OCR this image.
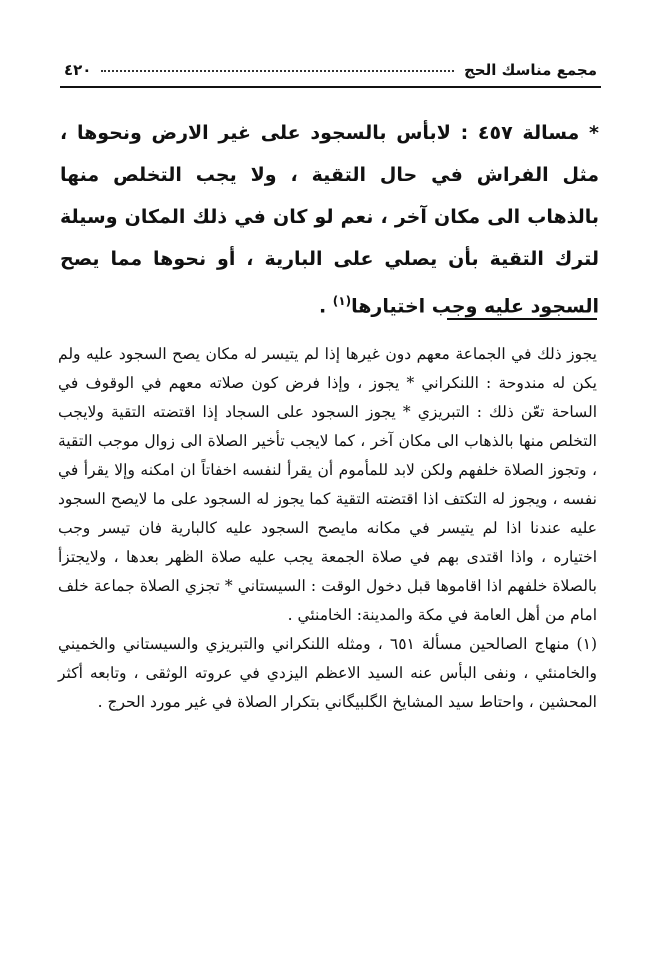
مجمع مناسك الحج
٤٢٠
* مسالة ٤٥٧ : لابأس بالسجود على غير الارض ونحوها ، مثل الفراش في حال التقية ، ولا يجب التخلص منها بالذهاب الى مكان آخر ، نعم لو كان في ذلك المكان وسيلة لترك التقية بأن يصلي على البارية ، أو نحوها مما يصح السجود عليه وجب اختيارها$^{(١)}$ .

يجوز ذلك في الجماعة معهم دون غيرها إذا لم يتيسر له مكان يصح السجود عليه ولم يكن له مندوحة : اللنكراني * يجوز ، وإذا فرض كون صلاته معهم في الوقوف في الساحة تعّن ذلك : التبريزي * يجوز السجود على السجاد إذا اقتضته التقية ولايجب التخلص منها بالذهاب الى مكان آخر ، كما لايجب تأخير الصلاة الى زوال موجب التقية ، وتجوز الصلاة خلفهم ولكن لابد للمأموم أن يقرأ لنفسه اخفاتاً ان امكنه وإلا يقرأ في نفسه ، ويجوز له التكتف اذا اقتضته التقية كما يجوز له السجود على ما لايصح السجود عليه عندنا اذا لم يتيسر في مكانه مايصح السجود عليه كالبارية فان تيسر وجب اختياره ، واذا اقتدى بهم في صلاة الجمعة يجب عليه صلاة الظهر بعدها ، ولايجتزأ بالصلاة خلفهم اذا اقاموها قبل دخول الوقت : السيستاني * تجزي الصلاة جماعة خلف امام من أهل العامة في مكة والمدينة: الخامنئي .

(١) منهاج الصالحين مسألة ٦٥١ ، ومثله اللنكراني والتبريزي والسيستاني والخميني والخامنئي ، ونفى البأس عنه السيد الاعظم اليزدي في عروته الوثقى ، وتابعه أكثر المحشين ، واحتاط سيد المشايخ الگلبيگاني بتكرار الصلاة في غير مورد الحرج .
